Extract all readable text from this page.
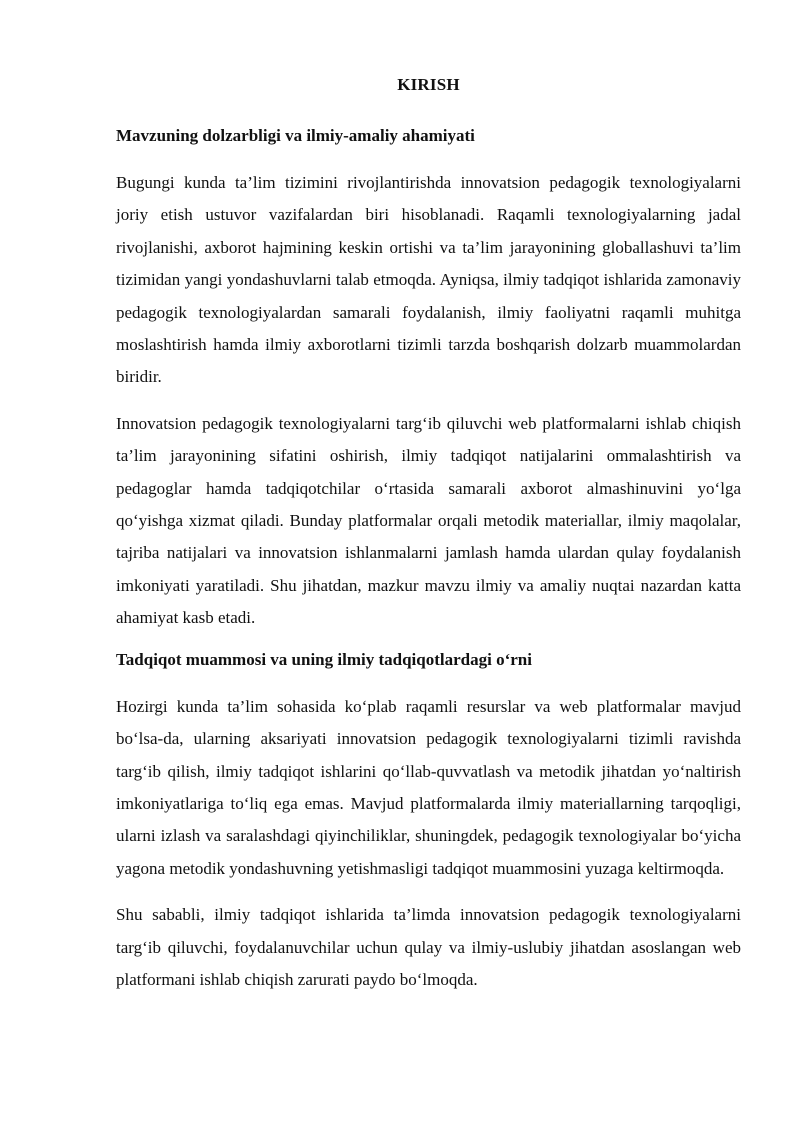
KIRISH
Mavzuning dolzarbligi va ilmiy-amaliy ahamiyati

Bugungi kunda ta’lim tizimini rivojlantirishda innovatsion pedagogik texnologiyalarni joriy etish ustuvor vazifalardan biri hisoblanadi. Raqamli texnologiyalarning jadal rivojlanishi, axborot hajmining keskin ortishi va ta’lim jarayonining globallashuvi ta’lim tizimidan yangi yondashuvlarni talab etmoqda. Ayniqsa, ilmiy tadqiqot ishlarida zamonaviy pedagogik texnologiyalardan samarali foydalanish, ilmiy faoliyatni raqamli muhitga moslashtirish hamda ilmiy axborotlarni tizimli tarzda boshqarish dolzarb muammolardan biridir.

Innovatsion pedagogik texnologiyalarni targ‘ib qiluvchi web platformalarni ishlab chiqish ta’lim jarayonining sifatini oshirish, ilmiy tadqiqot natijalarini ommalashtirish va pedagoglar hamda tadqiqotchilar o‘rtasida samarali axborot almashinuvini yo‘lga qo‘yishga xizmat qiladi. Bunday platformalar orqali metodik materiallar, ilmiy maqolalar, tajriba natijalari va innovatsion ishlanmalarni jamlash hamda ulardan qulay foydalanish imkoniyati yaratiladi. Shu jihatdan, mazkur mavzu ilmiy va amaliy nuqtai nazardan katta ahamiyat kasb etadi.

Tadqiqot muammosi va uning ilmiy tadqiqotlardagi o‘rni

Hozirgi kunda ta’lim sohasida ko‘plab raqamli resurslar va web platformalar mavjud bo‘lsa-da, ularning aksariyati innovatsion pedagogik texnologiyalarni tizimli ravishda targ‘ib qilish, ilmiy tadqiqot ishlarini qo‘llab-quvvatlash va metodik jihatdan yo‘naltirish imkoniyatlariga to‘liq ega emas. Mavjud platformalarda ilmiy materiallarning tarqoqligi, ularni izlash va saralashdagi qiyinchiliklar, shuningdek, pedagogik texnologiyalar bo‘yicha yagona metodik yondashuvning yetishmasligi tadqiqot muammosini yuzaga keltirmoqda.

Shu sababli, ilmiy tadqiqot ishlarida ta’limda innovatsion pedagogik texnologiyalarni targ‘ib qiluvchi, foydalanuvchilar uchun qulay va ilmiy-uslubiy jihatdan asoslangan web platformani ishlab chiqish zarurati paydo bo‘lmoqda.
